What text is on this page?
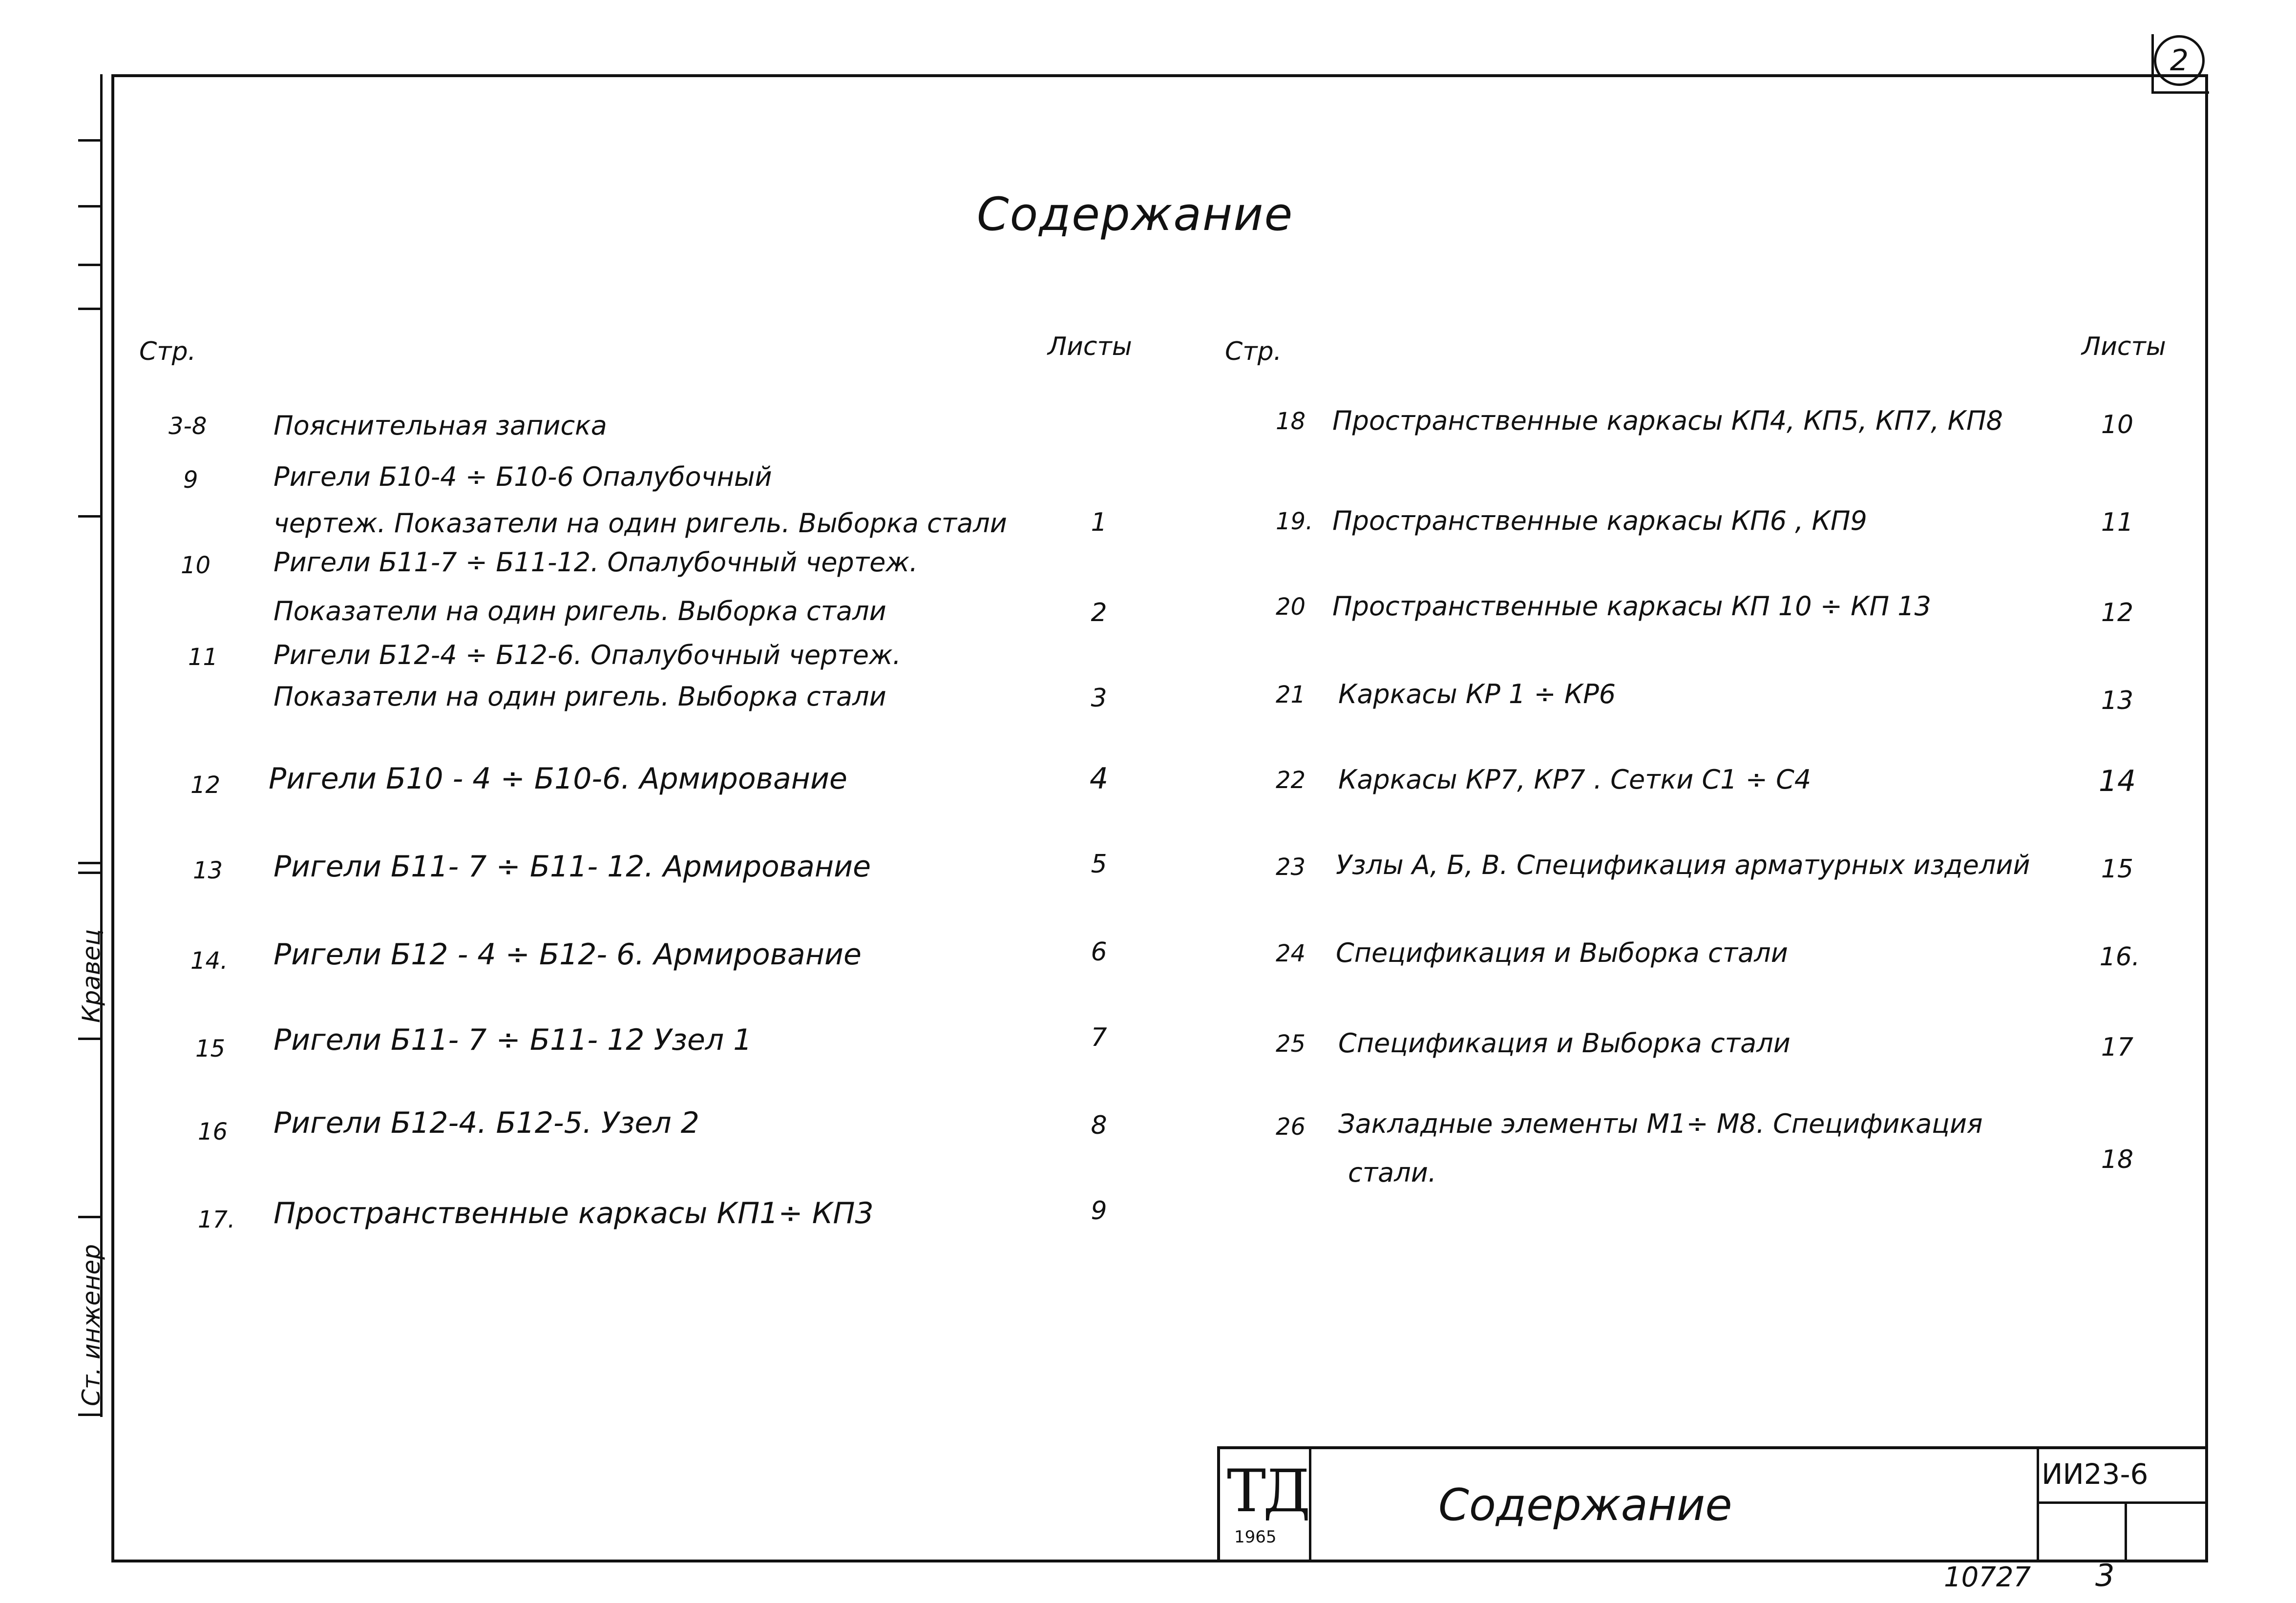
Ст. инженер
Кравец
2
Содержание
Стр.	Листы	Стр.	Листы
3-8	Пояснительная записка
9	Ригели Б10-4 ÷ Б10-6 Опалубочный
чертеж. Показатели на один ригель. Выборка стали	1
10 Ригели Б11-7 ÷ Б11-12. Опалубочный чертеж.
Показатели на один ригель. Выборка стали	2
11 Ригели Б12-4 ÷ Б12-6. Опалубочный чертеж.
Показатели на один ригель. Выборка стали	3
12 Ригели Б10 - 4 ÷ Б10-6. Армирование	4
13 Ригели Б11- 7 ÷ Б11- 12. Армирование	5
14. Ригели Б12 - 4 ÷ Б12- 6. Армирование	6
15 Ригели Б11- 7 ÷ Б11- 12 Узел 1	7
16 Ригели Б12-4. Б12-5. Узел 2	8
17. Пространственные каркасы КП1÷ КП3	9
18 Пространственные каркасы КП4, КП5, КП7, КП8	10
19. Пространственные каркасы КП6 , КП9	11
20 Пространственные каркасы КП 10 ÷ КП 13	12
21 Каркасы КР 1 ÷ КР6	13
22 Каркасы КР7, КР7 . Сетки С1 ÷ С4	14
23 Узлы А, Б, В. Спецификация арматурных изделий	15
24 Спецификация и Выборка стали	16.
25 Спецификация и Выборка стали	17
26 Закладные элементы М1÷ М8. Спецификация
стали.	18
ТД
1965
Содержание
ИИ23-6
10727 3
